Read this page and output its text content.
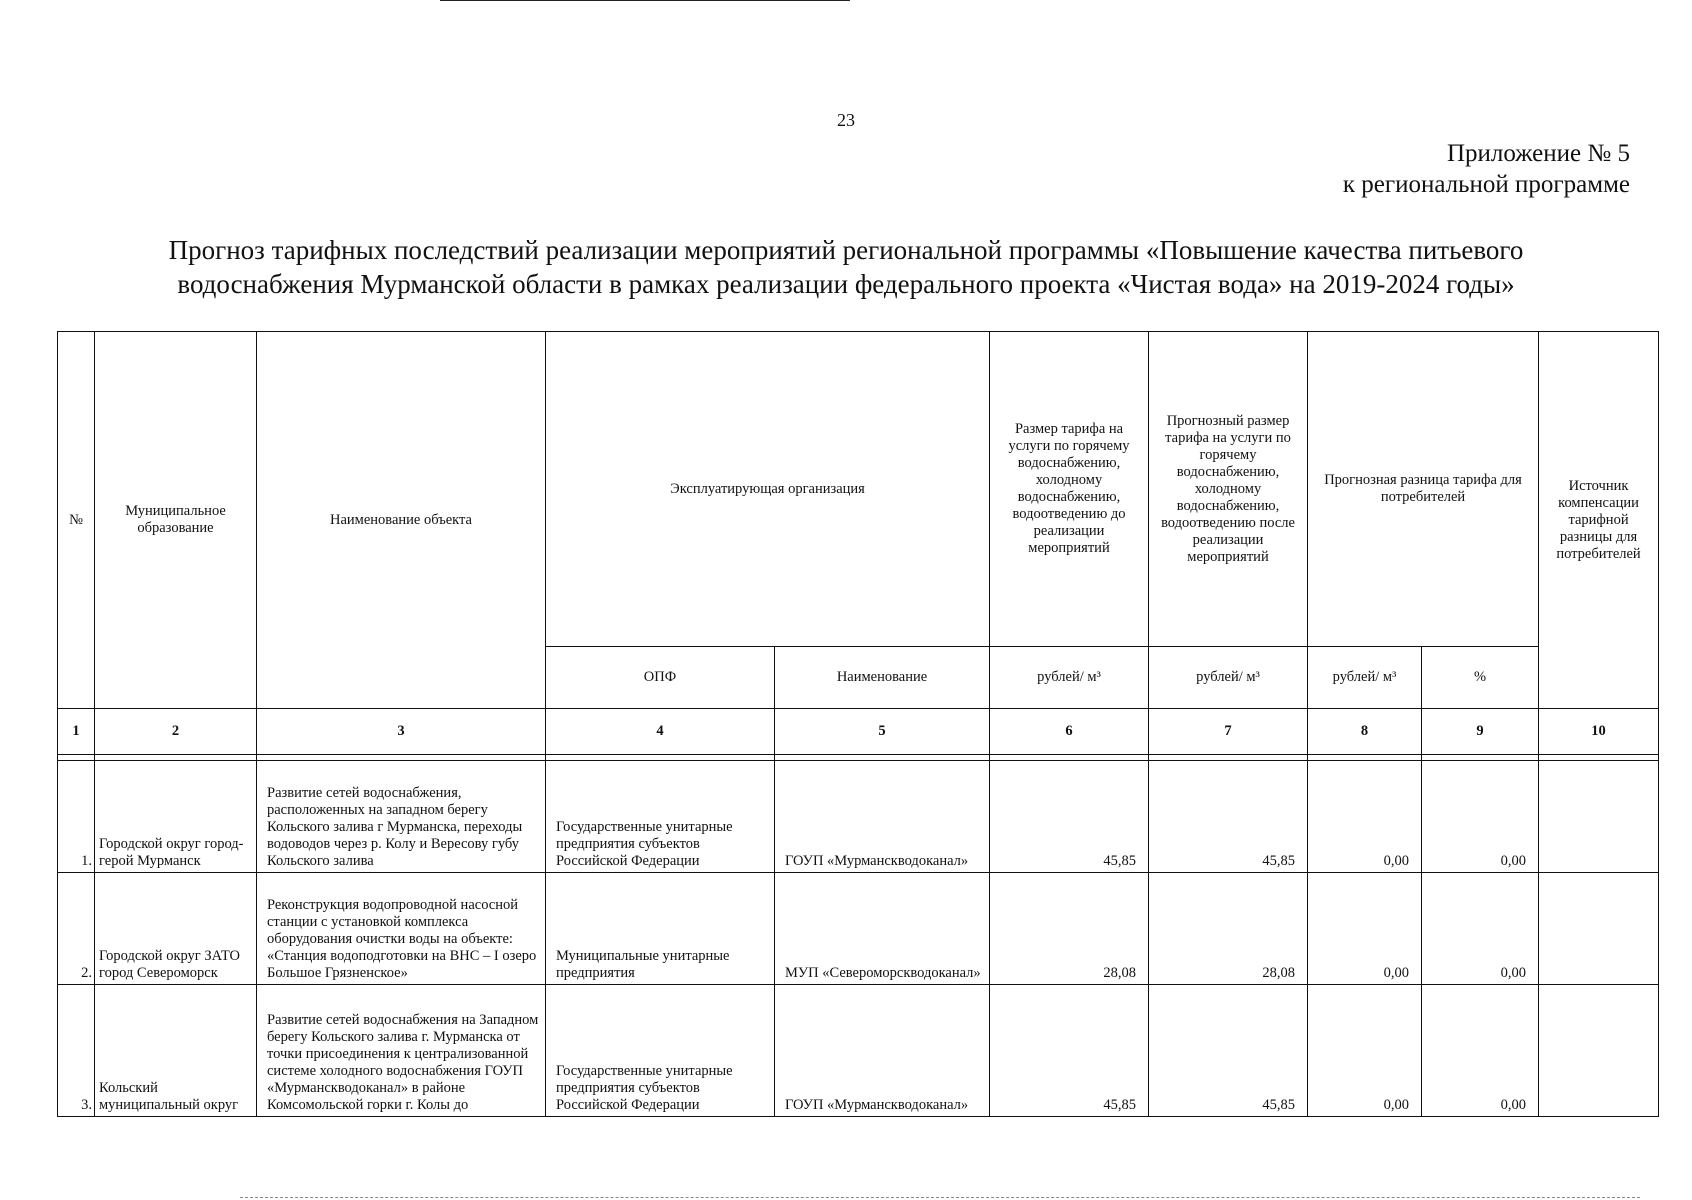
23
Приложение № 5
к региональной программе
Прогноз тарифных последствий реализации мероприятий региональной программы «Повышение качества питьевого
водоснабжения Мурманской области в рамках реализации федерального проекта «Чистая вода» на 2019-2024 годы»
№	Муниципальное образование	Наименование объекта	Эксплуатирующая организация		Размер тарифа на услуги по горячему водоснабжению, холодному водоснабжению, водоотведению до реализации мероприятий	Прогнозный размер тарифа на услуги по горячему водоснабжению, холодному водоснабжению, водоотведению после реализации мероприятий	Прогнозная разница тарифа для потребителей		Источник компенсации тарифной разницы для потребителей
			ОПФ	Наименование	рублей/ м³	рублей/ м³	рублей/ м³	%	
1	2	3	4	5	6	7	8	9	10

1.	Городской округ город-герой Мурманск	Развитие сетей водоснабжения, расположенных на западном берегу Кольского залива г Мурманска, переходы водоводов через р. Колу и Вересову губу Кольского залива	Государственные унитарные предприятия субъектов Российской Федерации	ГОУП «Мурманскводоканал»	45,85	45,85	0,00	0,00	
2.	Городской округ ЗАТО город Североморск	Реконструкция водопроводной насосной станции с установкой комплекса оборудования очистки воды на объекте: «Станция водоподготовки на ВНС – I озеро Большое Грязненское»	Муниципальные унитарные предприятия	МУП «Североморскводоканал»	28,08	28,08	0,00	0,00	
3.	Кольский муниципальный округ	Развитие сетей водоснабжения на Западном берегу Кольского залива г. Мурманска от точки присоединения к централизованной системе холодного водоснабжения ГОУП «Мурманскводоканал» в районе Комсомольской горки г. Колы до	Государственные унитарные предприятия субъектов Российской Федерации	ГОУП «Мурманскводоканал»	45,85	45,85	0,00	0,00	
